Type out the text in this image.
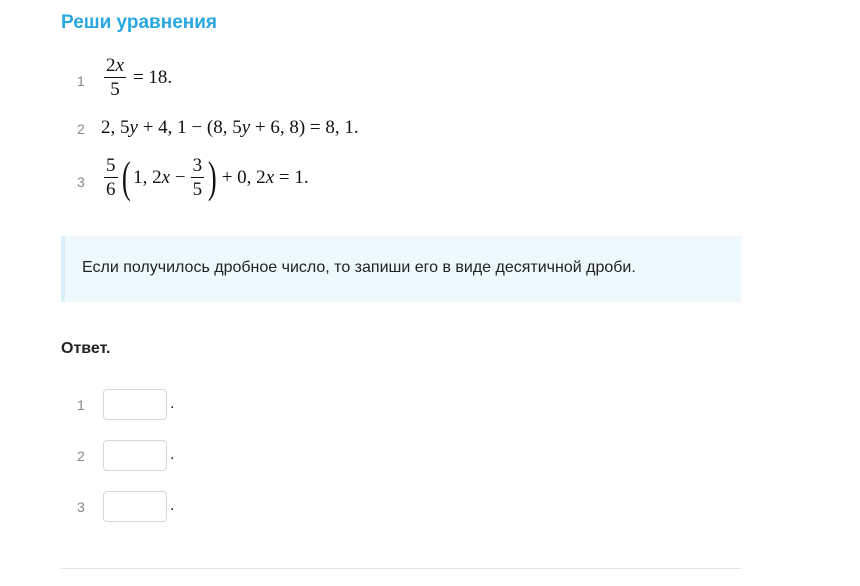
Реши уравнения
$1 \frac{2x}{5} = 18$.
2 2, 5y + 4, 1 − (8, 5y + 6, 8) = 8, 1.
$3 \frac{5}{6}$ ( 1, $2x - \frac{3}{5}$ ) + 0, 2x = 1.
Если получилось дробное число, то запиши его в виде десятичной дроби.
Ответ.
1	.
2	.
3	.
